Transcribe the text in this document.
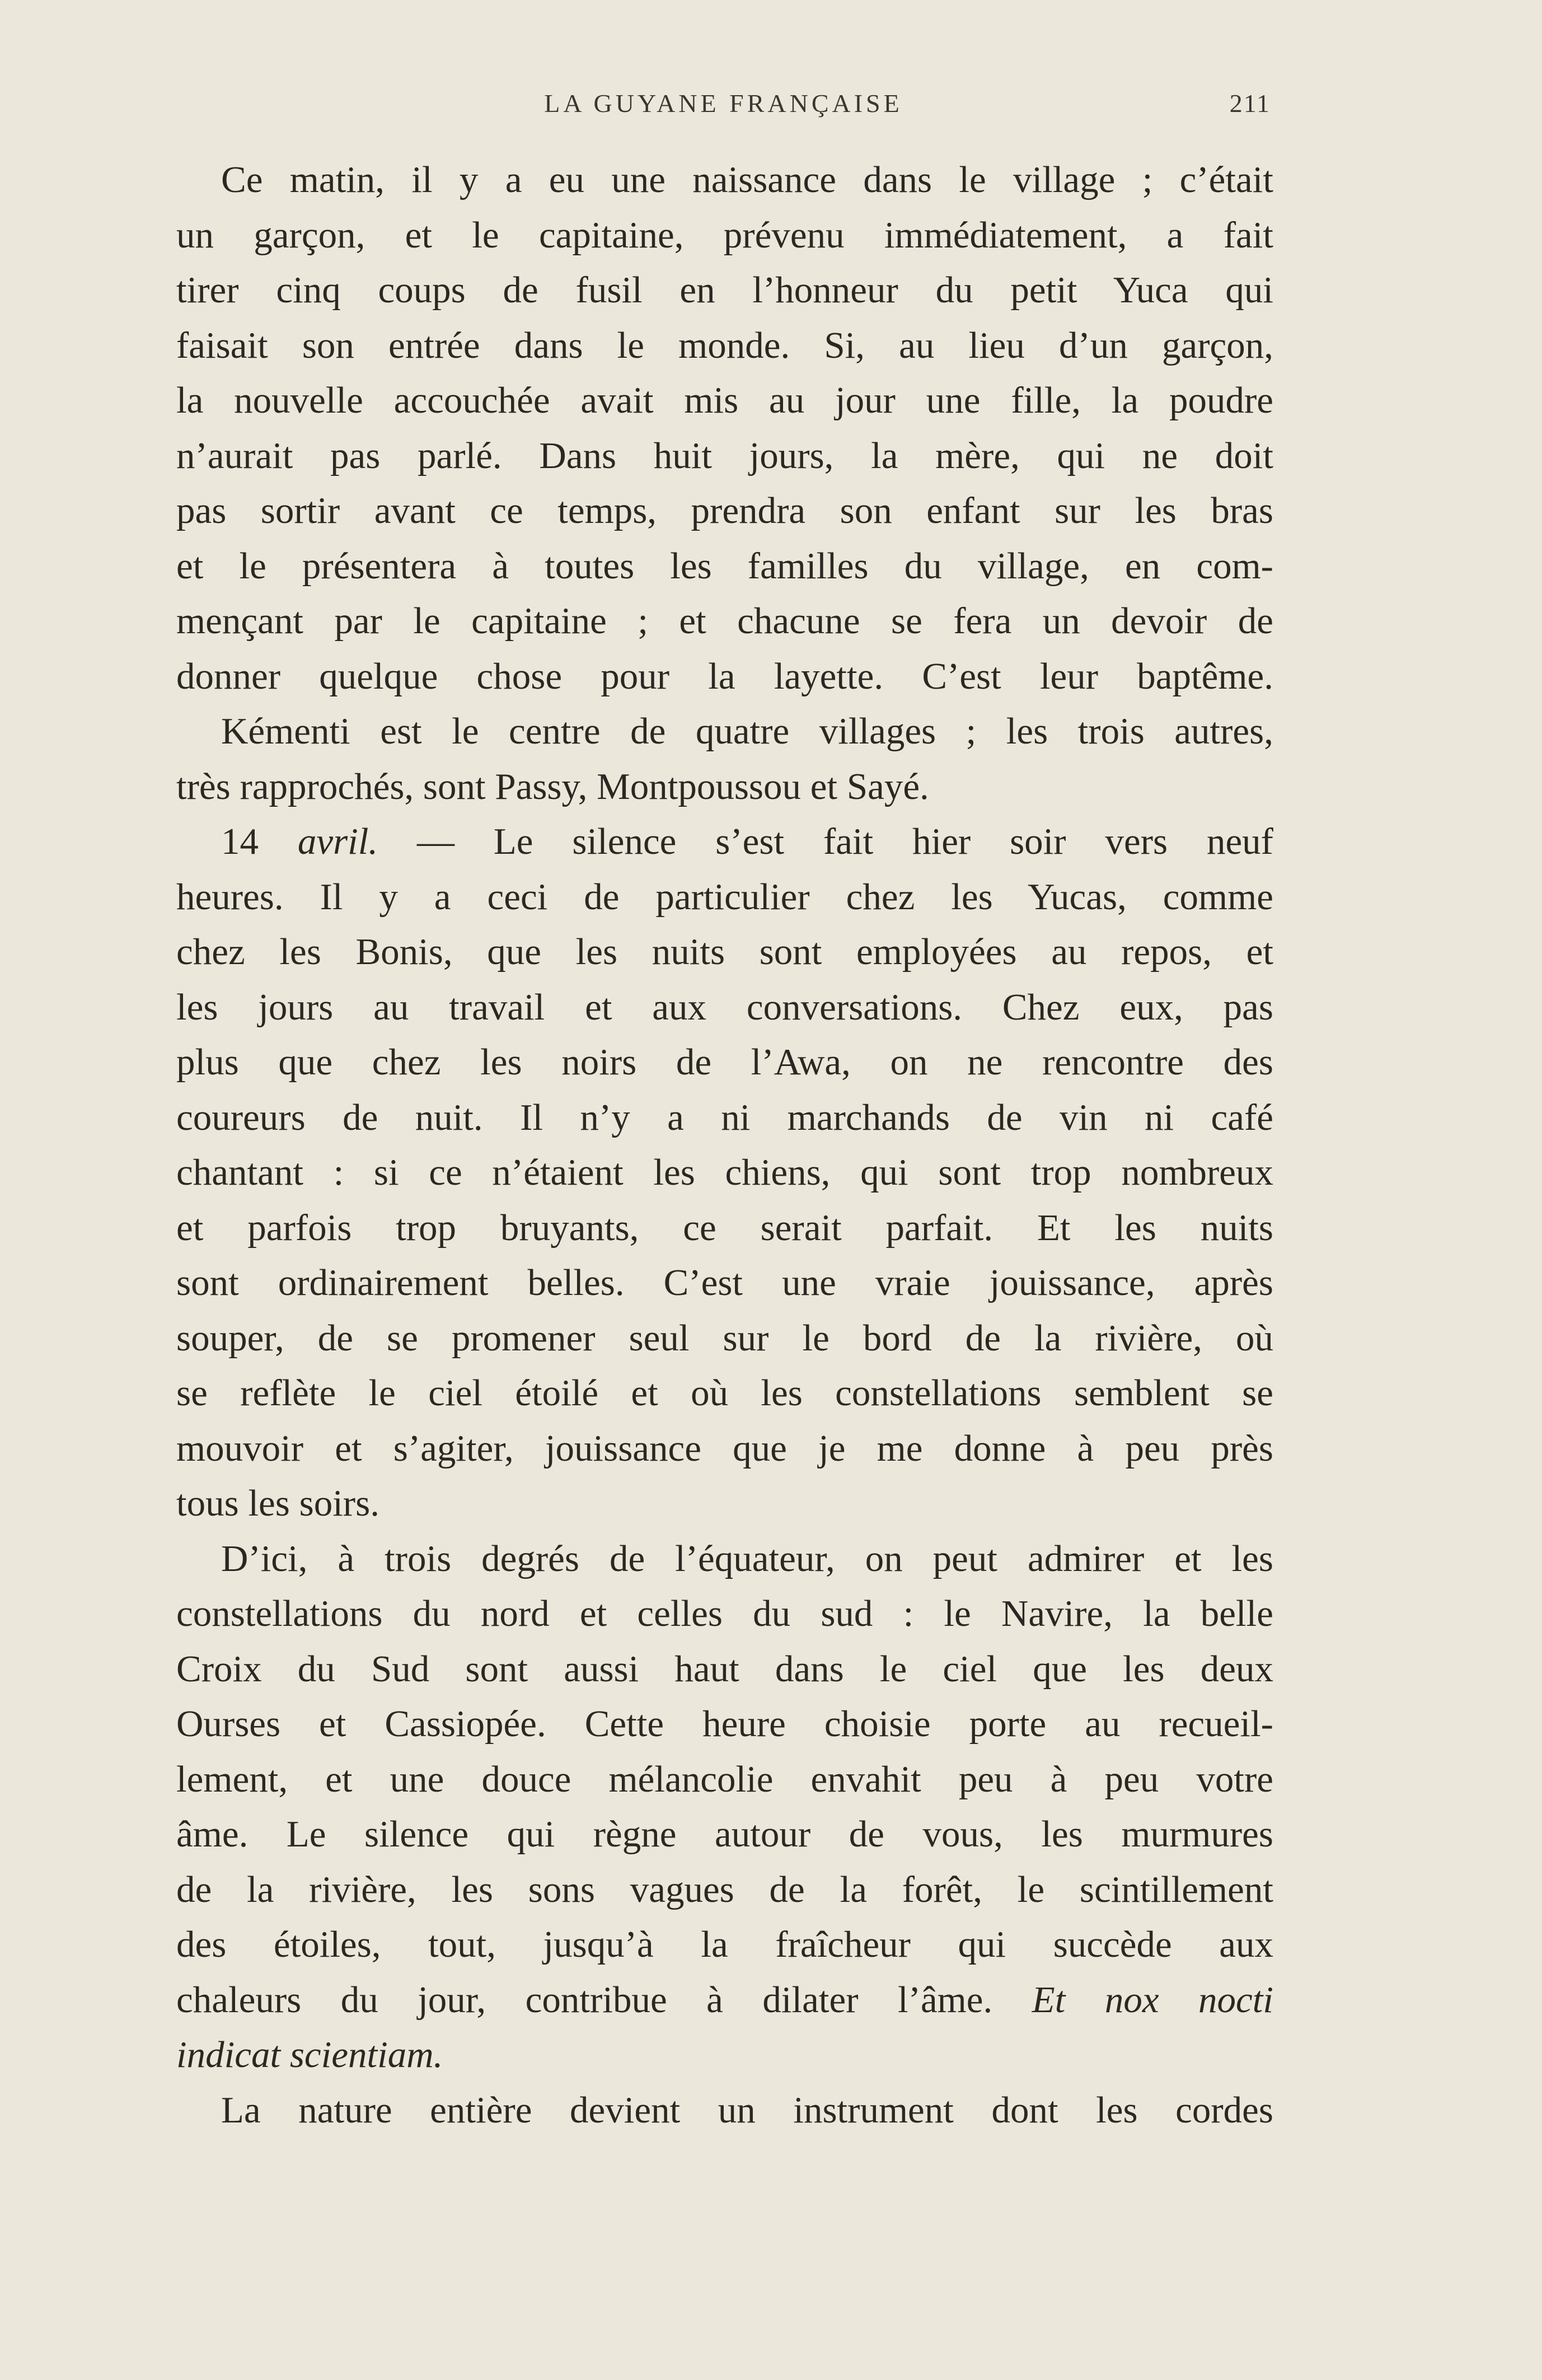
LA GUYANE FRANÇAISE	211
Ce matin, il y a eu une naissance dans le village ; c’était
un garçon, et le capitaine, prévenu immédiatement, a fait
tirer cinq coups de fusil en l’honneur du petit Yuca qui
faisait son entrée dans le monde. Si, au lieu d’un garçon,
la nouvelle accouchée avait mis au jour une fille, la poudre
n’aurait pas parlé. Dans huit jours, la mère, qui ne doit
pas sortir avant ce temps, prendra son enfant sur les bras
et le présentera à toutes les familles du village, en com-
mençant par le capitaine ; et chacune se fera un devoir de
donner quelque chose pour la layette. C’est leur baptême.
Kémenti est le centre de quatre villages ; les trois autres,
très rapprochés, sont Passy, Montpoussou et Sayé.
14 avril. — Le silence s’est fait hier soir vers neuf
heures. Il y a ceci de particulier chez les Yucas, comme
chez les Bonis, que les nuits sont employées au repos, et
les jours au travail et aux conversations. Chez eux, pas
plus que chez les noirs de l’Awa, on ne rencontre des
coureurs de nuit. Il n’y a ni marchands de vin ni café
chantant : si ce n’étaient les chiens, qui sont trop nombreux
et parfois trop bruyants, ce serait parfait. Et les nuits
sont ordinairement belles. C’est une vraie jouissance, après
souper, de se promener seul sur le bord de la rivière, où
se reflète le ciel étoilé et où les constellations semblent se
mouvoir et s’agiter, jouissance que je me donne à peu près
tous les soirs.
D’ici, à trois degrés de l’équateur, on peut admirer et les
constellations du nord et celles du sud : le Navire, la belle
Croix du Sud sont aussi haut dans le ciel que les deux
Ourses et Cassiopée. Cette heure choisie porte au recueil-
lement, et une douce mélancolie envahit peu à peu votre
âme. Le silence qui règne autour de vous, les murmures
de la rivière, les sons vagues de la forêt, le scintillement
des étoiles, tout, jusqu’à la fraîcheur qui succède aux
chaleurs du jour, contribue à dilater l’âme. Et nox nocti
indicat scientiam.
La nature entière devient un instrument dont les cordes
